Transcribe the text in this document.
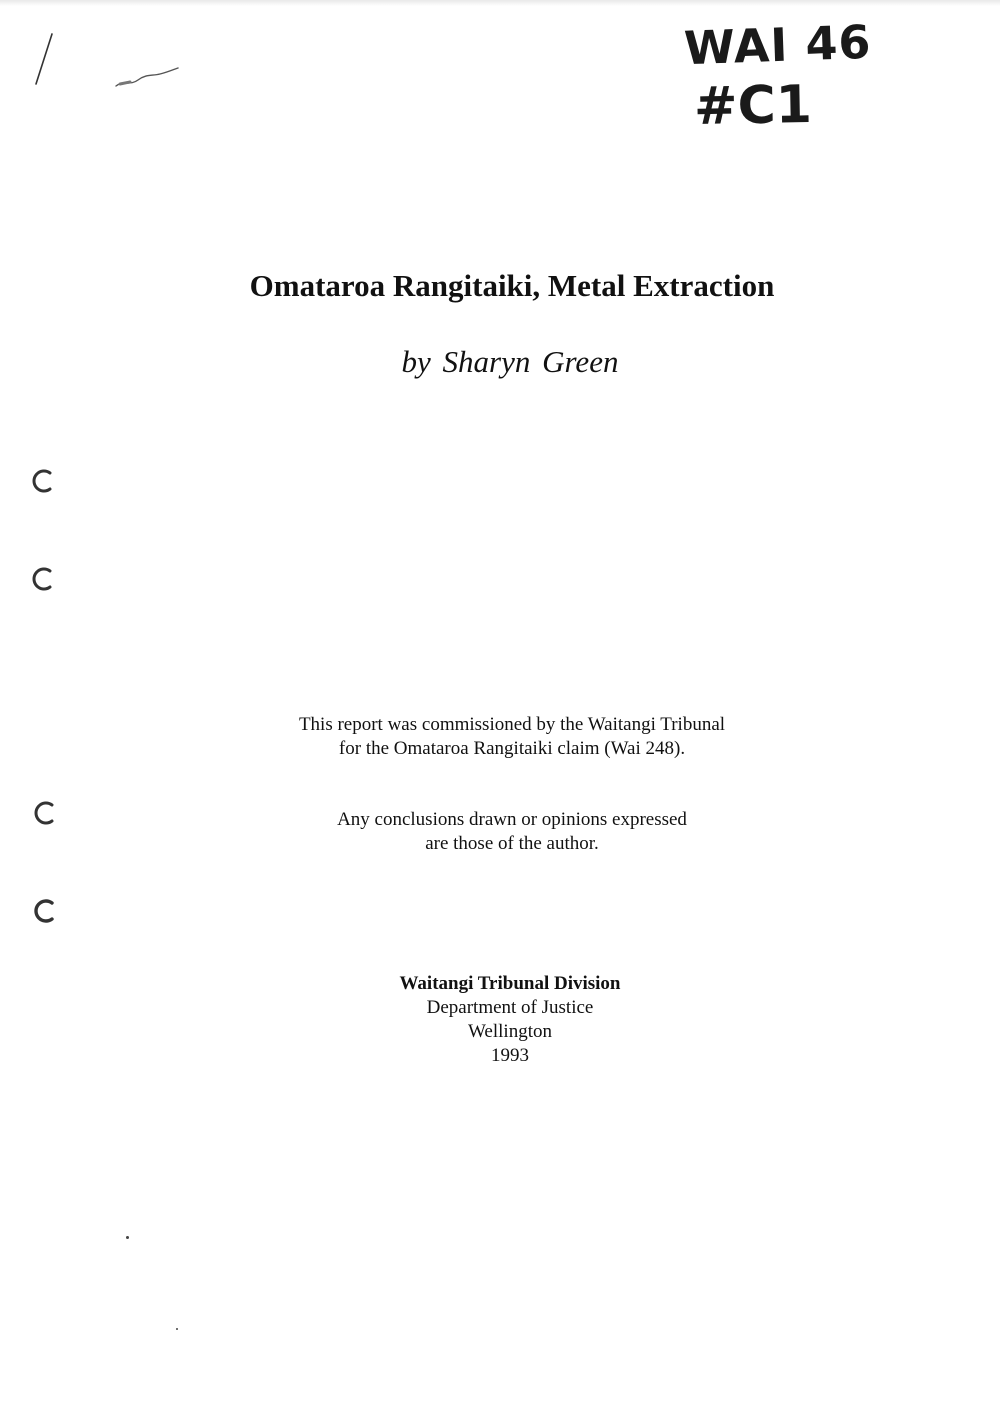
WAI 46
#C1
Omataroa Rangitaiki, Metal Extraction
by Sharyn Green
This report was commissioned by the Waitangi Tribunal
for the Omataroa Rangitaiki claim (Wai 248).
Any conclusions drawn or opinions expressed
are those of the author.
Waitangi Tribunal Division
Department of Justice
Wellington
1993
